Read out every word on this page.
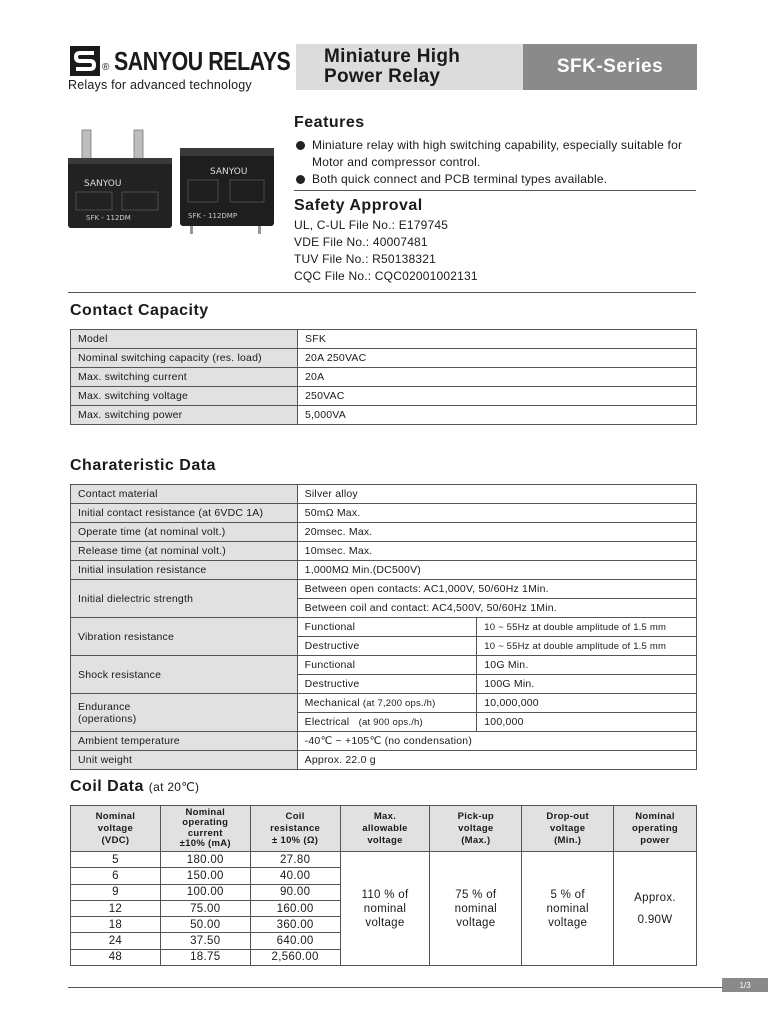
® SANYOU RELAYS
Relays for advanced technology
Miniature High
Power Relay	SFK-Series
SANYOU
SFK - 112DM
SANYOU
SFK - 112DMP
Features
Miniature relay with high switching capability, especially suitable for Motor and compressor control.
Both quick connect and PCB terminal types available.
Safety Approval
UL, C-UL File No.: E179745
VDE File No.: 40007481
TUV File No.: R50138321
CQC File No.: CQC02001002131
Contact Capacity
Model	SFK
Nominal switching capacity (res. load)	20A 250VAC
Max. switching current	20A
Max. switching voltage	250VAC
Max. switching power	5,000VA
Charateristic Data
Contact material	Silver alloy	
Initial contact resistance (at 6VDC 1A)	50mΩ Max.	
Operate time (at nominal volt.)	20msec. Max.	
Release time (at nominal volt.)	10msec. Max.	
Initial insulation resistance	1,000MΩ Min.(DC500V)	
Initial dielectric strength	Between open contacts: AC1,000V, 50/60Hz 1Min.	
	Between coil and contact: AC4,500V, 50/60Hz 1Min.	
Vibration resistance	Functional	10 ~ 55Hz at double amplitude of 1.5 mm
	Destructive	10 ~ 55Hz at double amplitude of 1.5 mm
Shock resistance	Functional	10G Min.
	Destructive	100G Min.
Endurance
(operations)	Mechanical (at 7,200 ops./h)	10,000,000
	Electrical (at 900 ops./h)	100,000
Ambient temperature	-40℃ ~ +105℃ (no condensation)	
Unit weight	Approx. 22.0 g	
Coil Data (at 20℃)
Nominal
voltage
(VDC)	Nominal
operating
current
±10% (mA)	Coil
resistance
± 10% (Ω)	Max.
allowable
voltage	Pick-up
voltage
(Max.)	Drop-out
voltage
(Min.)	Nominal
operating
power
5	180.00	27.80	110 % of
nominal
voltage	75 % of
nominal
voltage	5 % of
nominal
voltage	Approx.
0.90W
6	150.00	40.00				
9	100.00	90.00				
12	75.00	160.00				
18	50.00	360.00				
24	37.50	640.00				
48	18.75	2,560.00				
1/3
